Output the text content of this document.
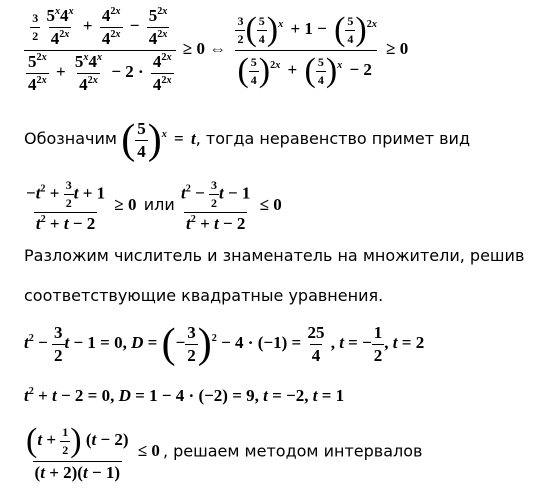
$\frac{3}{2}$
$\frac{5^x4^x}{4^{2x}} + \frac{4^{2x}}{4^{2x}} - \frac{5^{2x}}{4^{2x}}$
$\frac{5^{2x}}{4^{2x}} + \frac{5^x4^x}{4^{2x}} - 2 \cdot \frac{4^{2x}}{4^{2x}}$
≥ 0 ⇔ $\frac{\frac{3}{2} ( \frac{5}{4} )^x + 1 - ( \frac{5}{4} )^{2x}}{( \frac{5}{4} )^{2x} + ( \frac{5}{4} )^x - 2} \ge 0$
Обозначим ( $\frac{5}{4} )^x = t$, тогда неравенство примет вид
$\frac{-t^2 + \frac{3}{2} t + 1}{t^2 + t - 2} \ge 0$ или $\frac{t^2 - \frac{3}{2} t - 1}{t^2 + t - 2} \le 0$
Разложим числитель и знаменатель на множители, решив
соответствующие квадратные уравнения.
$t^2 - \frac{3}{2}$ t − 1 = 0, D = (− $\frac{3}{2} )^2 - 4 \cdot (-1) = \frac{25}{4}$ , t = − $\frac{1}{2}$ , t = 2
$t^2 + t - 2 = 0$, D = 1 − 4 · (−2) = 9, t = −2, t = 1
$\frac{(t + \frac{1}{2} ) (t - 2)}{(t + 2)(t - 1)} \le 0$ , решаем методом интервалов
